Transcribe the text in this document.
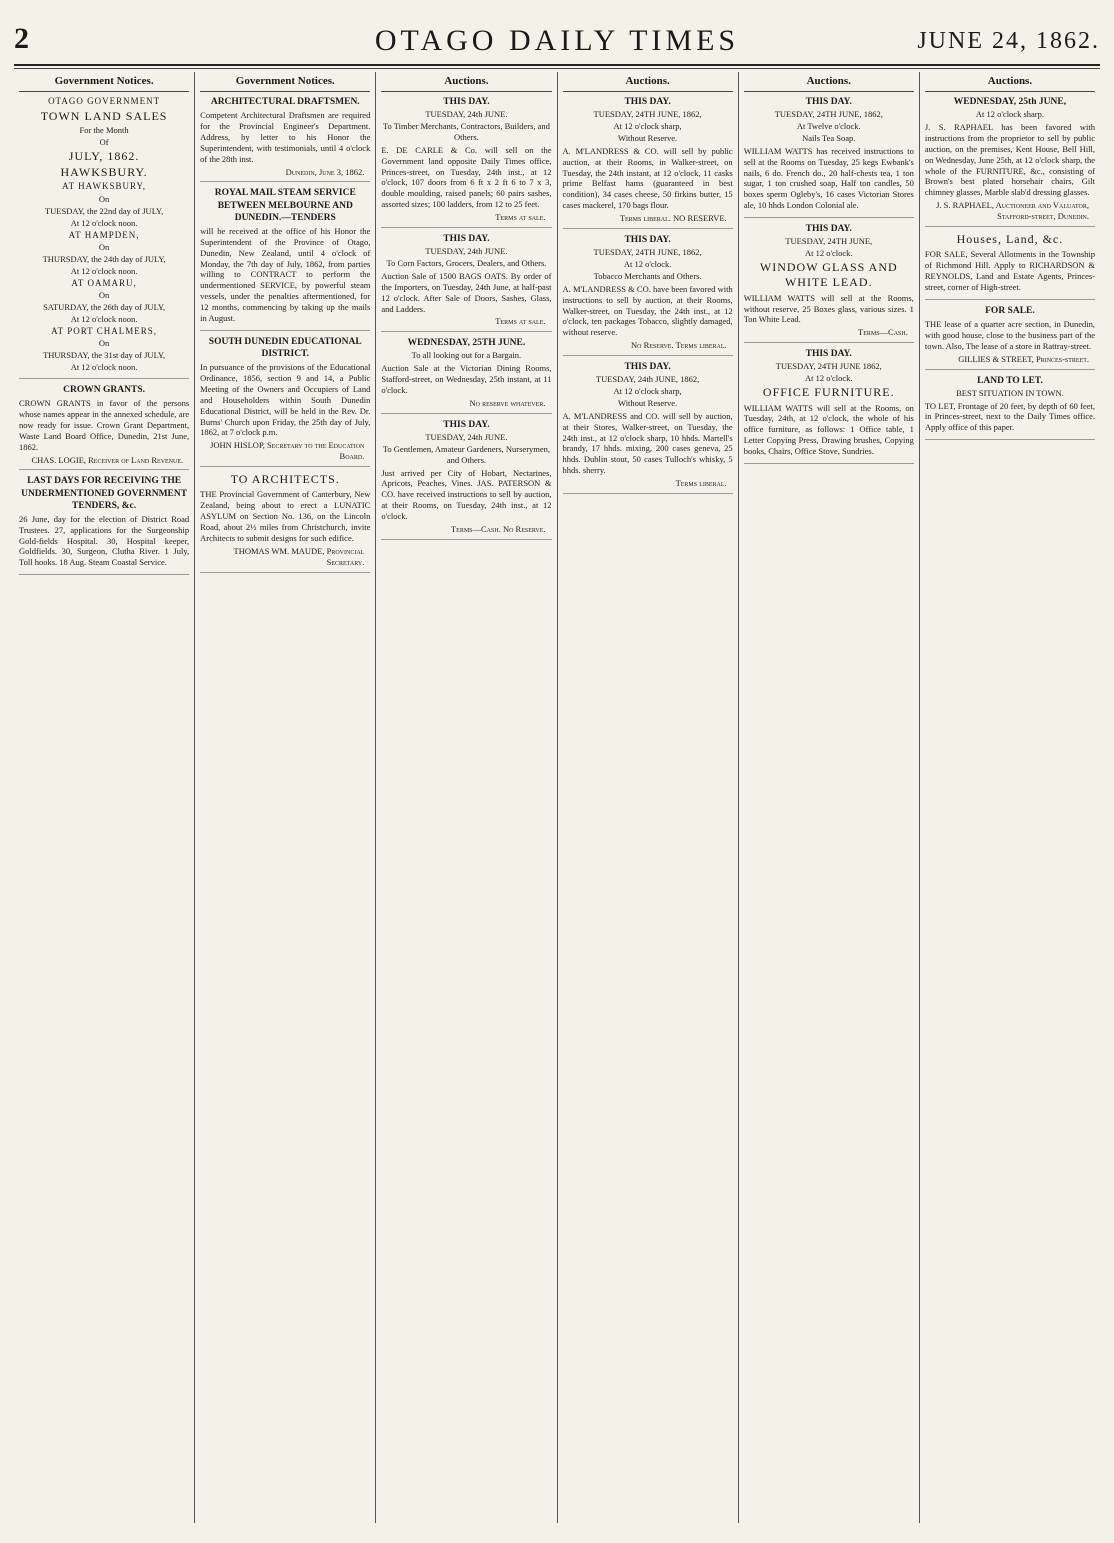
2	OTAGO DAILY TIMES	JUNE 24, 1862.
Government Notices.
OTAGO GOVERNMENT
TOWN LAND SALES
For the Month
Of
JULY, 1862.
HAWKSBURY.
AT HAWKSBURY,
On
TUESDAY, the 22nd day of JULY,
At 12 o'clock noon.
AT HAMPDEN,
On
THURSDAY, the 24th day of JULY,
At 12 o'clock noon.
AT OAMARU,
On
SATURDAY, the 26th day of JULY,
At 12 o'clock noon.
AT PORT CHALMERS,
On
THURSDAY, the 31st day of JULY,
At 12 o'clock noon.
CROWN GRANTS.
CROWN GRANTS in favor of the persons whose names appear in the annexed schedule, are now ready for issue. Crown Grant Department, Waste Land Board Office, Dunedin, 21st June, 1862.
CHAS. LOGIE, Receiver of Land Revenue.
LAST DAYS FOR RECEIVING THE UNDERMENTIONED GOVERNMENT TENDERS, &c.
26 June, day for the election of District Road Trustees. 27, applications for the Surgeonship Gold-fields Hospital. 30, Hospital keeper, Goldfields. 30, Surgeon, Clutha River. 1 July, Toll hooks. 18 Aug. Steam Coastal Service.
Government Notices.
ARCHITECTURAL DRAFTSMEN.
Competent Architectural Draftsmen are required for the Provincial Engineer's Department. Address, by letter to his Honor the Superintendent, with testimonials, until 4 o'clock of the 28th inst.
Dunedin, June 3, 1862.
ROYAL MAIL STEAM SERVICE BETWEEN MELBOURNE AND DUNEDIN.—TENDERS
will be received at the office of his Honor the Superintendent of the Province of Otago, Dunedin, New Zealand, until 4 o'clock of Monday, the 7th day of July, 1862, from parties willing to CONTRACT to perform the undermentioned SERVICE, by powerful steam vessels, under the penalties aftermentioned, for 12 months, commencing by taking up the mails in August.
SOUTH DUNEDIN EDUCATIONAL DISTRICT.
In pursuance of the provisions of the Educational Ordinance, 1856, section 9 and 14, a Public Meeting of the Owners and Occupiers of Land and Householders within South Dunedin Educational District, will be held in the Rev. Dr. Burns' Church upon Friday, the 25th day of July, 1862, at 7 o'clock p.m.
JOHN HISLOP, Secretary to the Education Board.
TO ARCHITECTS.
THE Provincial Government of Canterbury, New Zealand, being about to erect a LUNATIC ASYLUM on Section No. 136, on the Lincoln Road, about 2½ miles from Christchurch, invite Architects to submit designs for such edifice.
THOMAS WM. MAUDE, Provincial Secretary.
Auctions.
THIS DAY.
TUESDAY, 24th JUNE.
To Timber Merchants, Contractors, Builders, and Others.
E. DE CARLE & Co. will sell on the Government land opposite Daily Times office, Princes-street, on Tuesday, 24th inst., at 12 o'clock, 107 doors from 6 ft x 2 ft 6 to 7 x 3, double moulding, raised panels; 60 pairs sashes, assorted sizes; 100 ladders, from 12 to 25 feet.
Terms at sale.
THIS DAY.
TUESDAY, 24th JUNE.
To Corn Factors, Grocers, Dealers, and Others.
Auction Sale of 1500 BAGS OATS. By order of the Importers, on Tuesday, 24th June, at half-past 12 o'clock. After Sale of Doors, Sashes, Glass, and Ladders.
Terms at sale.
WEDNESDAY, 25TH JUNE.
To all looking out for a Bargain.
Auction Sale at the Victorian Dining Rooms, Stafford-street, on Wednesday, 25th instant, at 11 o'clock.
No reserve whatever.
THIS DAY.
TUESDAY, 24th JUNE.
To Gentlemen, Amateur Gardeners, Nurserymen, and Others.
Just arrived per City of Hobart, Nectarines, Apricots, Peaches, Vines. JAS. PATERSON & CO. have received instructions to sell by auction, at their Rooms, on Tuesday, 24th inst., at 12 o'clock.
Terms—Cash. No Reserve.
Auctions.
THIS DAY.
TUESDAY, 24TH JUNE, 1862,
At 12 o'clock sharp,
Without Reserve.
A. M'LANDRESS & CO. will sell by public auction, at their Rooms, in Walker-street, on Tuesday, the 24th instant, at 12 o'clock, 11 casks prime Belfast hams (guaranteed in best condition), 34 cases cheese, 50 firkins butter, 15 cases mackerel, 170 bags flour.
Terms liberal. NO RESERVE.
THIS DAY.
TUESDAY, 24TH JUNE, 1862,
At 12 o'clock.
Tobacco Merchants and Others.
A. M'LANDRESS & CO. have been favored with instructions to sell by auction, at their Rooms, Walker-street, on Tuesday, the 24th inst., at 12 o'clock, ten packages Tobacco, slightly damaged, without reserve.
No Reserve. Terms liberal.
THIS DAY.
TUESDAY, 24th JUNE, 1862,
At 12 o'clock sharp,
Without Reserve.
A. M'LANDRESS and CO. will sell by auction, at their Stores, Walker-street, on Tuesday, the 24th inst., at 12 o'clock sharp, 10 hhds. Martell's brandy, 17 hhds. mixing, 200 cases geneva, 25 hhds. Dublin stout, 50 cases Tulloch's whisky, 5 hhds. sherry.
Terms liberal.
Auctions.
THIS DAY.
TUESDAY, 24TH JUNE, 1862,
At Twelve o'clock.
Nails Tea Soap.
WILLIAM WATTS has received instructions to sell at the Rooms on Tuesday, 25 kegs Ewbank's nails, 6 do. French do., 20 half-chests tea, 1 ton sugar, 1 ton crushed soap, Half ton candles, 50 boxes sperm Ogleby's, 16 cases Victorian Stores ale, 10 hhds London Colonial ale.
THIS DAY.
TUESDAY, 24TH JUNE,
At 12 o'clock.
WINDOW GLASS AND WHITE LEAD.
WILLIAM WATTS will sell at the Rooms, without reserve, 25 Boxes glass, various sizes. 1 Ton White Lead.
Terms—Cash.
THIS DAY.
TUESDAY, 24TH JUNE 1862,
At 12 o'clock.
OFFICE FURNITURE.
WILLIAM WATTS will sell at the Rooms, on Tuesday, 24th, at 12 o'clock, the whole of his office furniture, as follows: 1 Office table, 1 Letter Copying Press, Drawing brushes, Copying books, Chairs, Office Stove, Sundries.
Auctions.
WEDNESDAY, 25th JUNE,
At 12 o'clock sharp.
J. S. RAPHAEL has been favored with instructions from the proprietor to sell by public auction, on the premises, Kent House, Bell Hill, on Wednesday, June 25th, at 12 o'clock sharp, the whole of the FURNITURE, &c., consisting of Brown's best plated horsehair chairs, Gilt chimney glasses, Marble slab'd dressing glasses.
J. S. RAPHAEL, Auctioneer and Valuator, Stafford-street, Dunedin.
Houses, Land, &c.
FOR SALE, Several Allotments in the Township of Richmond Hill. Apply to RICHARDSON & REYNOLDS, Land and Estate Agents, Princes-street, corner of High-street.
FOR SALE.
THE lease of a quarter acre section, in Dunedin, with good house, close to the business part of the town. Also, The lease of a store in Rattray-street.
GILLIES & STREET, Princes-street.
LAND TO LET.
BEST SITUATION IN TOWN.
TO LET, Frontage of 20 feet, by depth of 60 feet, in Princes-street, next to the Daily Times office. Apply office of this paper.
